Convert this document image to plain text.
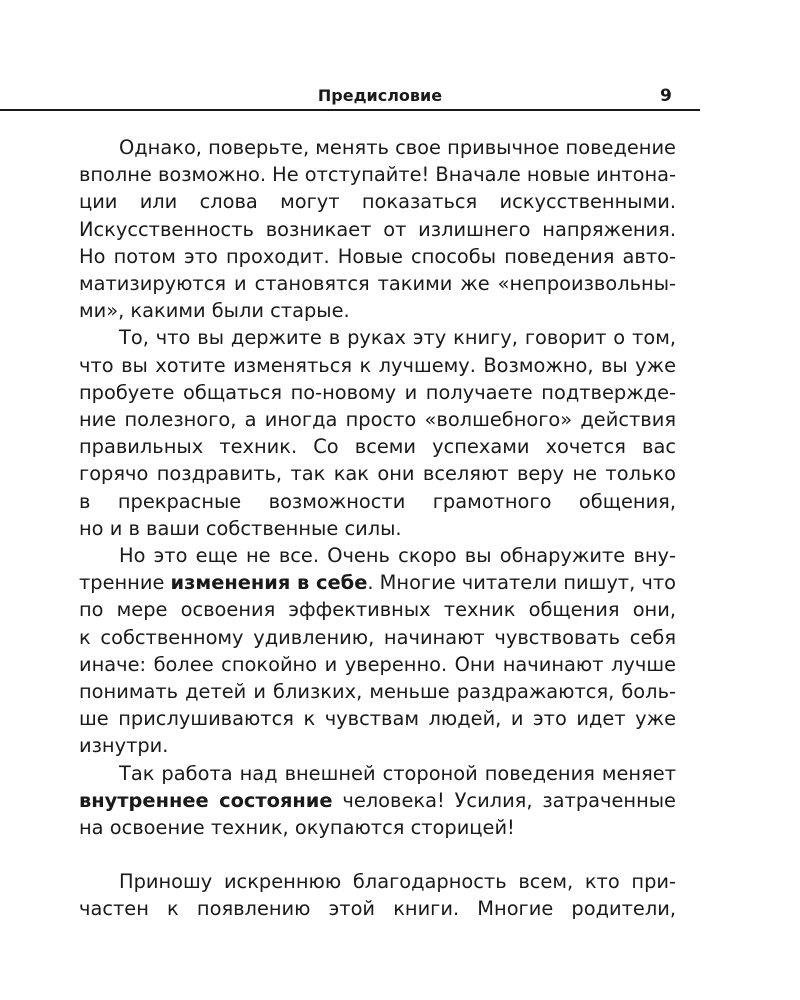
Предисловие	9

Однако, поверьте, менять свое привычное поведение
вполне возможно. Не отступайте! Вначале новые интона-
ции или слова могут показаться искусственными.
Искусственность возникает от излишнего напряжения.
Но потом это проходит. Новые способы поведения авто-
матизируются и становятся такими же «непроизвольны-
ми», какими были старые.

То, что вы держите в руках эту книгу, говорит о том,
что вы хотите изменяться к лучшему. Возможно, вы уже
пробуете общаться по-новому и получаете подтвержде-
ние полезного, а иногда просто «волшебного» действия
правильных техник. Со всеми успехами хочется вас
горячо поздравить, так как они вселяют веру не только
в прекрасные возможности грамотного общения,
но и в ваши собственные силы.

Но это еще не все. Очень скоро вы обнаружите вну-
тренние изменения в себе. Многие читатели пишут, что
по мере освоения эффективных техник общения они,
к собственному удивлению, начинают чувствовать себя
иначе: более спокойно и уверенно. Они начинают лучше
понимать детей и близких, меньше раздражаются, боль-
ше прислушиваются к чувствам людей, и это идет уже
изнутри.

Так работа над внешней стороной поведения меняет
внутреннее состояние человека! Усилия, затраченные
на освоение техник, окупаются сторицей!

Приношу искреннюю благодарность всем, кто при-
частен к появлению этой книги. Многие родители,
